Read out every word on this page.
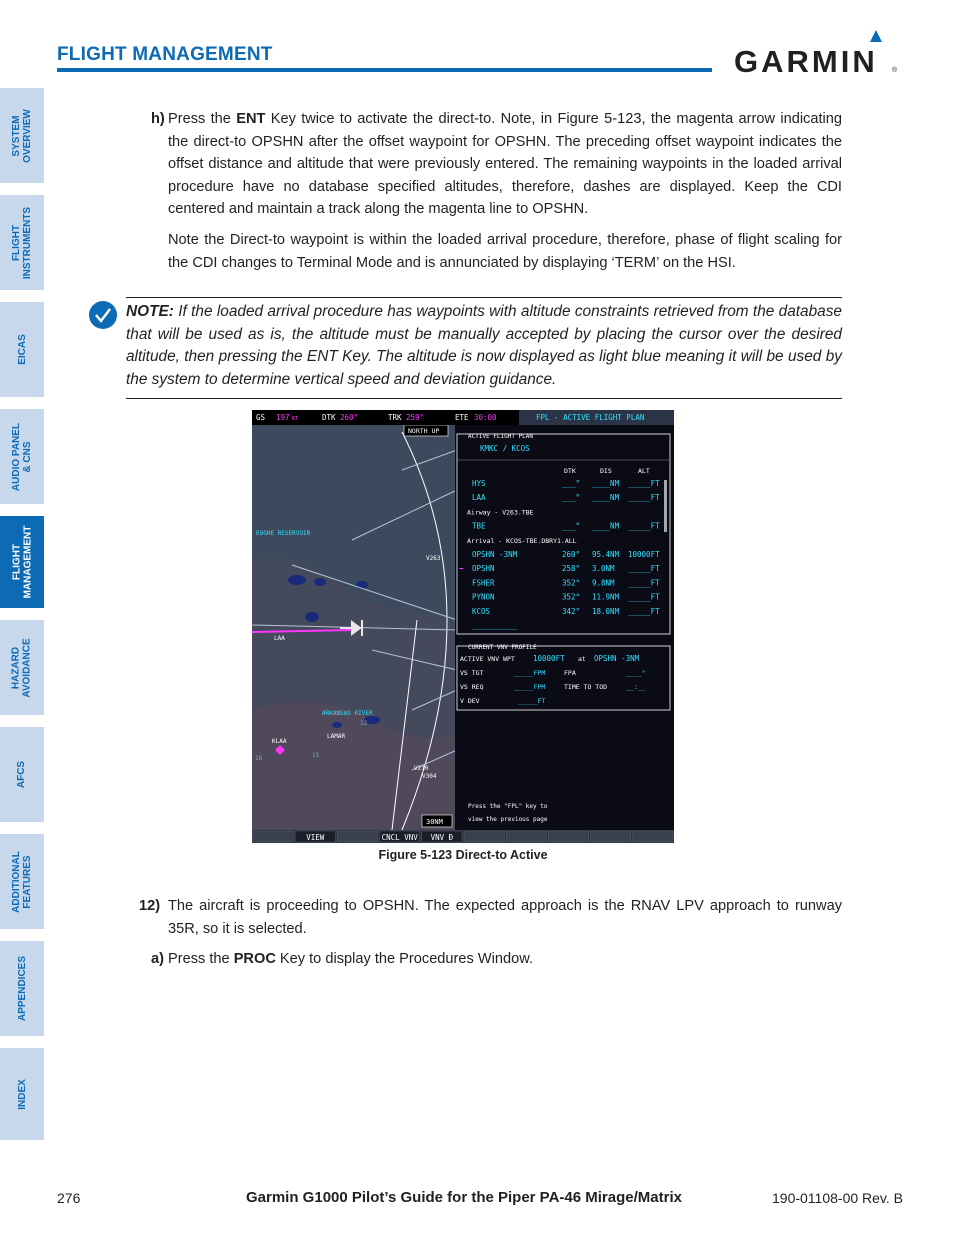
FLIGHT MANAGEMENT	GARMIN ®
SYSTEM
OVERVIEW
FLIGHT
INSTRUMENTS
EICAS
AUDIO PANEL
& CNS
FLIGHT
MANAGEMENT
HAZARD
AVOIDANCE
AFCS
ADDITIONAL
FEATURES
APPENDICES
INDEX
h) Press the ENT Key twice to activate the direct-to. Note, in Figure 5-123, the magenta arrow indicating the direct-to OPSHN after the offset waypoint for OPSHN. The preceding offset waypoint indicates the offset distance and altitude that were previously entered. The remaining waypoints in the loaded arrival procedure have no database specified altitudes, therefore, dashes are displayed. Keep the CDI centered and maintain a track along the magenta line to OPSHN.
Note the Direct-to waypoint is within the loaded arrival procedure, therefore, phase of flight scaling for the CDI changes to Terminal Mode and is annunciated by displaying ‘TERM’ on the HSI.
NOTE: If the loaded arrival procedure has waypoints with altitude constraints retrieved from the database that will be used as is, the altitude must be manually accepted by placing the cursor over the desired altitude, then pressing the ENT Key. The altitude is now displayed as light blue meaning it will be used by the system to determine vertical speed and deviation guidance.
EOGHE RESERVOIR
LAA
KLAA
LAMAR
ARKANSAS RIVER
V263
V210
V304
12
15
18
NORTH UP
30NM
GS 197 KT	DTK 260°	TRK 259°	ETE 30:00	FPL - ACTIVE FLIGHT PLAN
ACTIVE FLIGHT PLAN
KMKC / KCOS
DTK	DIS	ALT
HYS	___° ____NM _____FT
LAA	___° ____NM _____FT
Airway - V263.TBE
TBE	___° ____NM _____FT
Arrival - KCOS-TBE.DBRY1.ALL
OPSHN -3NM	260° 95.4NM 10000FT
➡ OPSHN	258° 3.0NM _____FT
FSHER	352° 9.8NM _____FT
PYNON	352° 11.9NM _____FT
KCOS	342° 18.0NM _____FT
__________
CURRENT VNV PROFILE
ACTIVE VNV WPT 10000FT at OPSHN -3NM
VS TGT	_____FPM	FPA	____°
VS REQ	_____FPM	TIME TO TOD	__:__
V DEV	_____FT
Press the "FPL" key to
view the previous page
VIEW	CNCL VNV VNV Ð
Figure 5-123 Direct-to Active
12) The aircraft is proceeding to OPSHN. The expected approach is the RNAV LPV approach to runway 35R, so it is selected.
a) Press the PROC Key to display the Procedures Window.
276	Garmin G1000 Pilot’s Guide for the Piper PA-46 Mirage/Matrix	190-01108-00 Rev. B
